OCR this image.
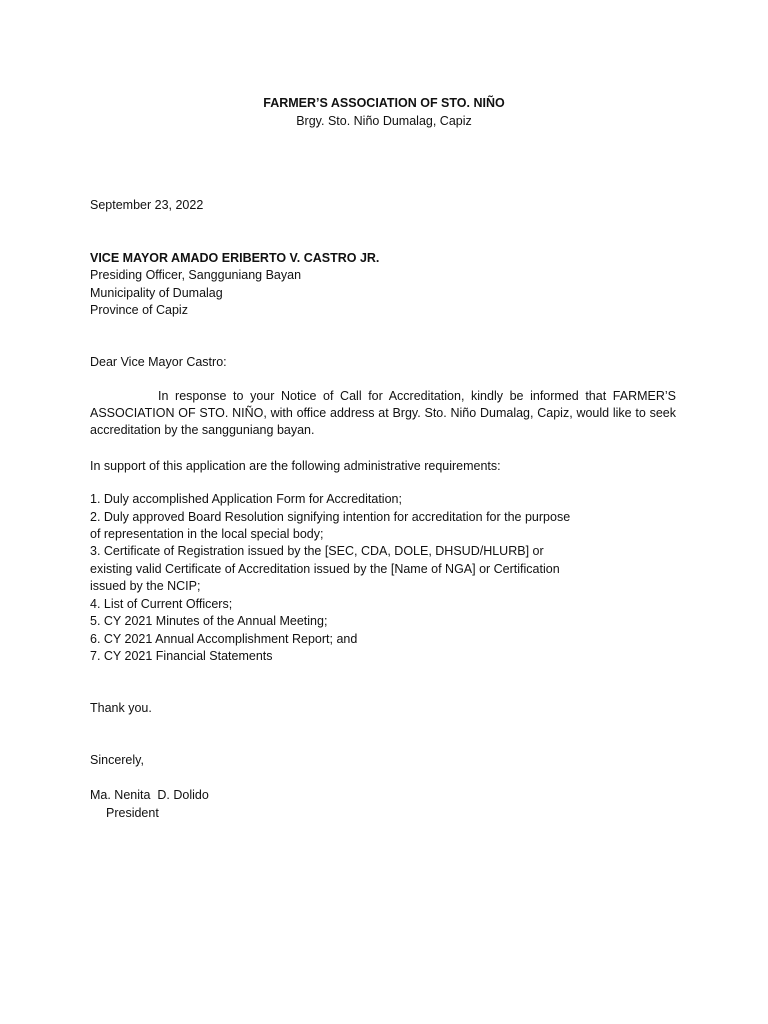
FARMER’S ASSOCIATION OF STO. NIÑO
Brgy. Sto. Niño Dumalag, Capiz
September 23, 2022
VICE MAYOR AMADO ERIBERTO V. CASTRO JR.
Presiding Officer, Sangguniang Bayan
Municipality of Dumalag
Province of Capiz
Dear Vice Mayor Castro:
In response to your Notice of Call for Accreditation, kindly be informed that FARMER’S ASSOCIATION OF STO. NIÑO, with office address at Brgy. Sto. Niño Dumalag, Capiz, would like to seek accreditation by the sangguniang bayan.
In support of this application are the following administrative requirements:
1. Duly accomplished Application Form for Accreditation;
2. Duly approved Board Resolution signifying intention for accreditation for the purpose
of representation in the local special body;
3. Certificate of Registration issued by the [SEC, CDA, DOLE, DHSUD/HLURB] or
existing valid Certificate of Accreditation issued by the [Name of NGA] or Certification
issued by the NCIP;
4. List of Current Officers;
5. CY 2021 Minutes of the Annual Meeting;
6. CY 2021 Annual Accomplishment Report; and
7. CY 2021 Financial Statements
Thank you.
Sincerely,
Ma. Nenita  D. Dolido
President
